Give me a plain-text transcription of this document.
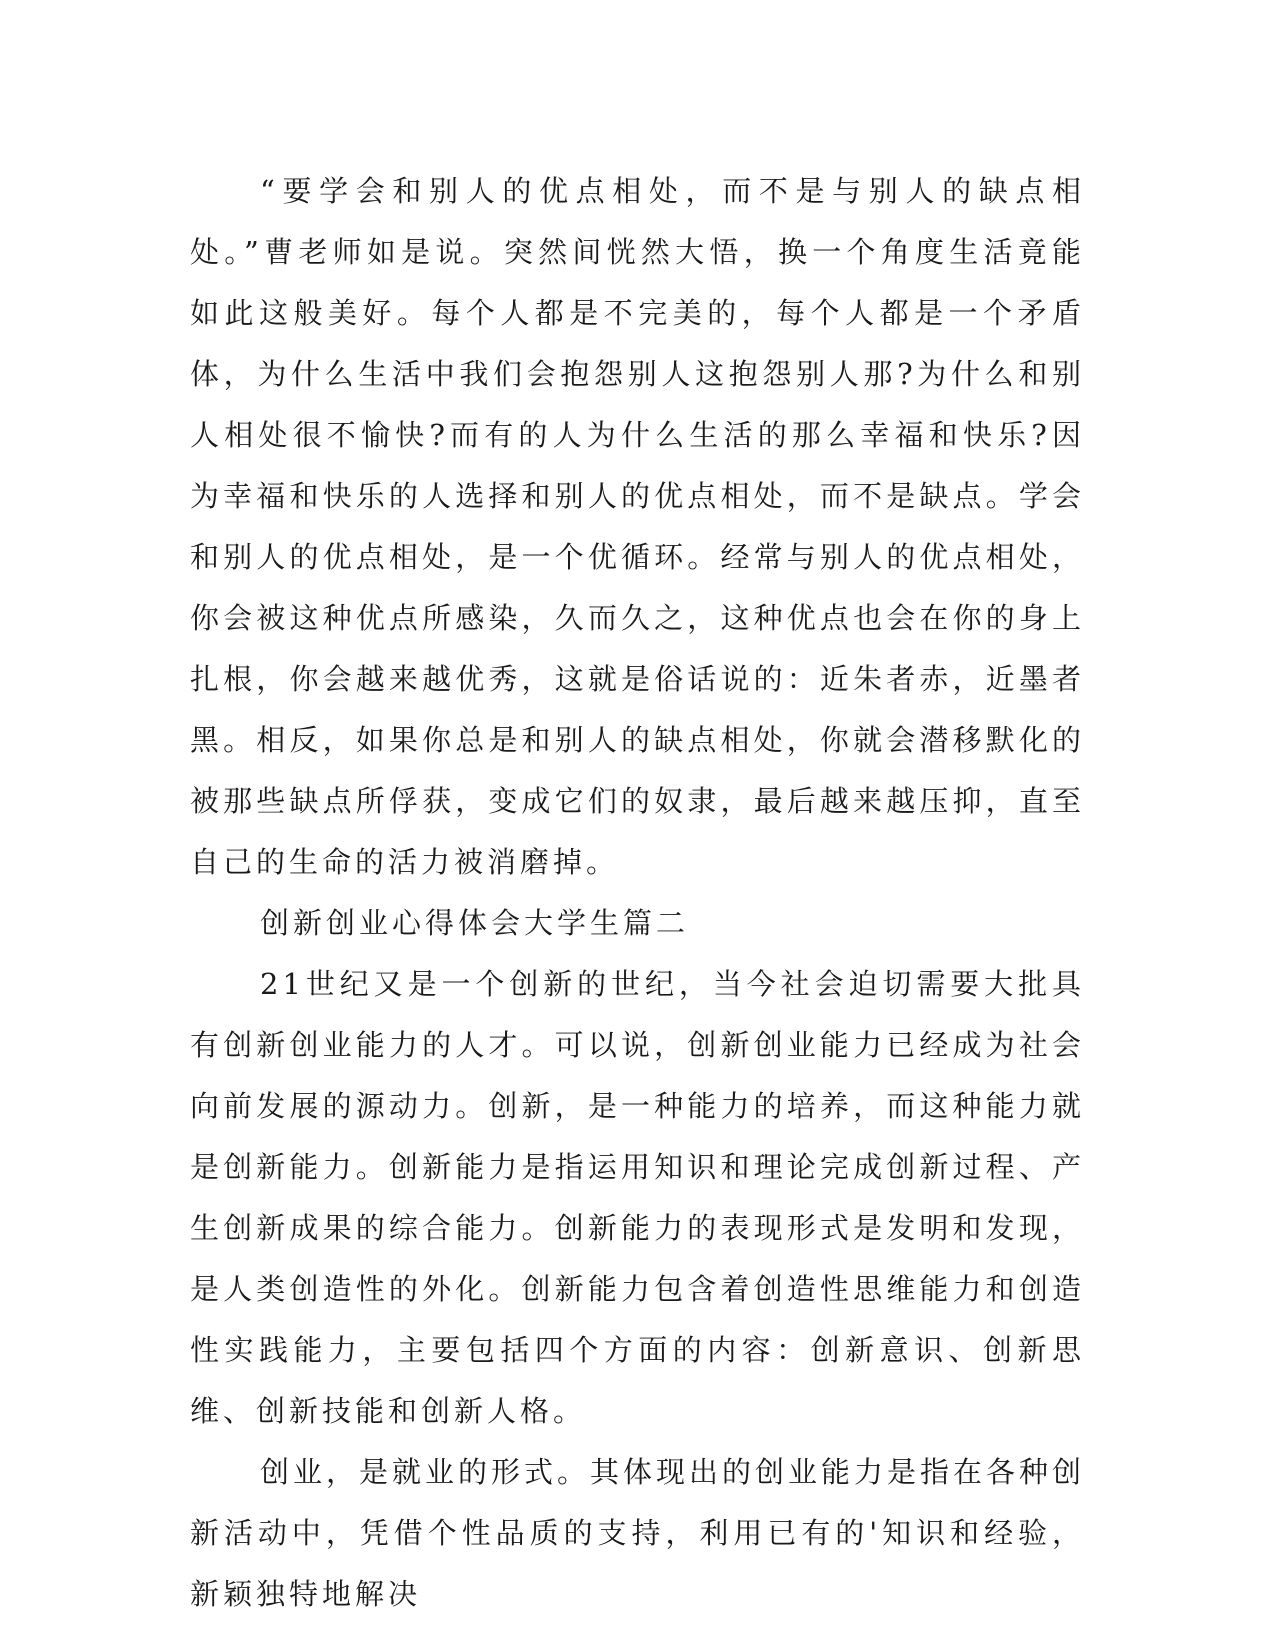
“要学会和别人的优点相处，而不是与别人的缺点相处。”曹老师如是说。突然间恍然大悟，换一个角度生活竟能如此这般美好。每个人都是不完美的，每个人都是一个矛盾体，为什么生活中我们会抱怨别人这抱怨别人那?为什么和别人相处很不愉快?而有的人为什么生活的那么幸福和快乐?因为幸福和快乐的人选择和别人的优点相处，而不是缺点。学会和别人的优点相处，是一个优循环。经常与别人的优点相处，你会被这种优点所感染，久而久之，这种优点也会在你的身上扎根，你会越来越优秀，这就是俗话说的：近朱者赤，近墨者黑。相反，如果你总是和别人的缺点相处，你就会潜移默化的被那些缺点所俘获，变成它们的奴隶，最后越来越压抑，直至自己的生命的活力被消磨掉。

创新创业心得体会大学生篇二

21世纪又是一个创新的世纪，当今社会迫切需要大批具有创新创业能力的人才。可以说，创新创业能力已经成为社会向前发展的源动力。创新，是一种能力的培养，而这种能力就是创新能力。创新能力是指运用知识和理论完成创新过程、产生创新成果的综合能力。创新能力的表现形式是发明和发现，是人类创造性的外化。创新能力包含着创造性思维能力和创造性实践能力，主要包括四个方面的内容：创新意识、创新思维、创新技能和创新人格。

创业，是就业的形式。其体现出的创业能力是指在各种创新活动中，凭借个性品质的支持，利用已有的'知识和经验，新颖独特地解决
